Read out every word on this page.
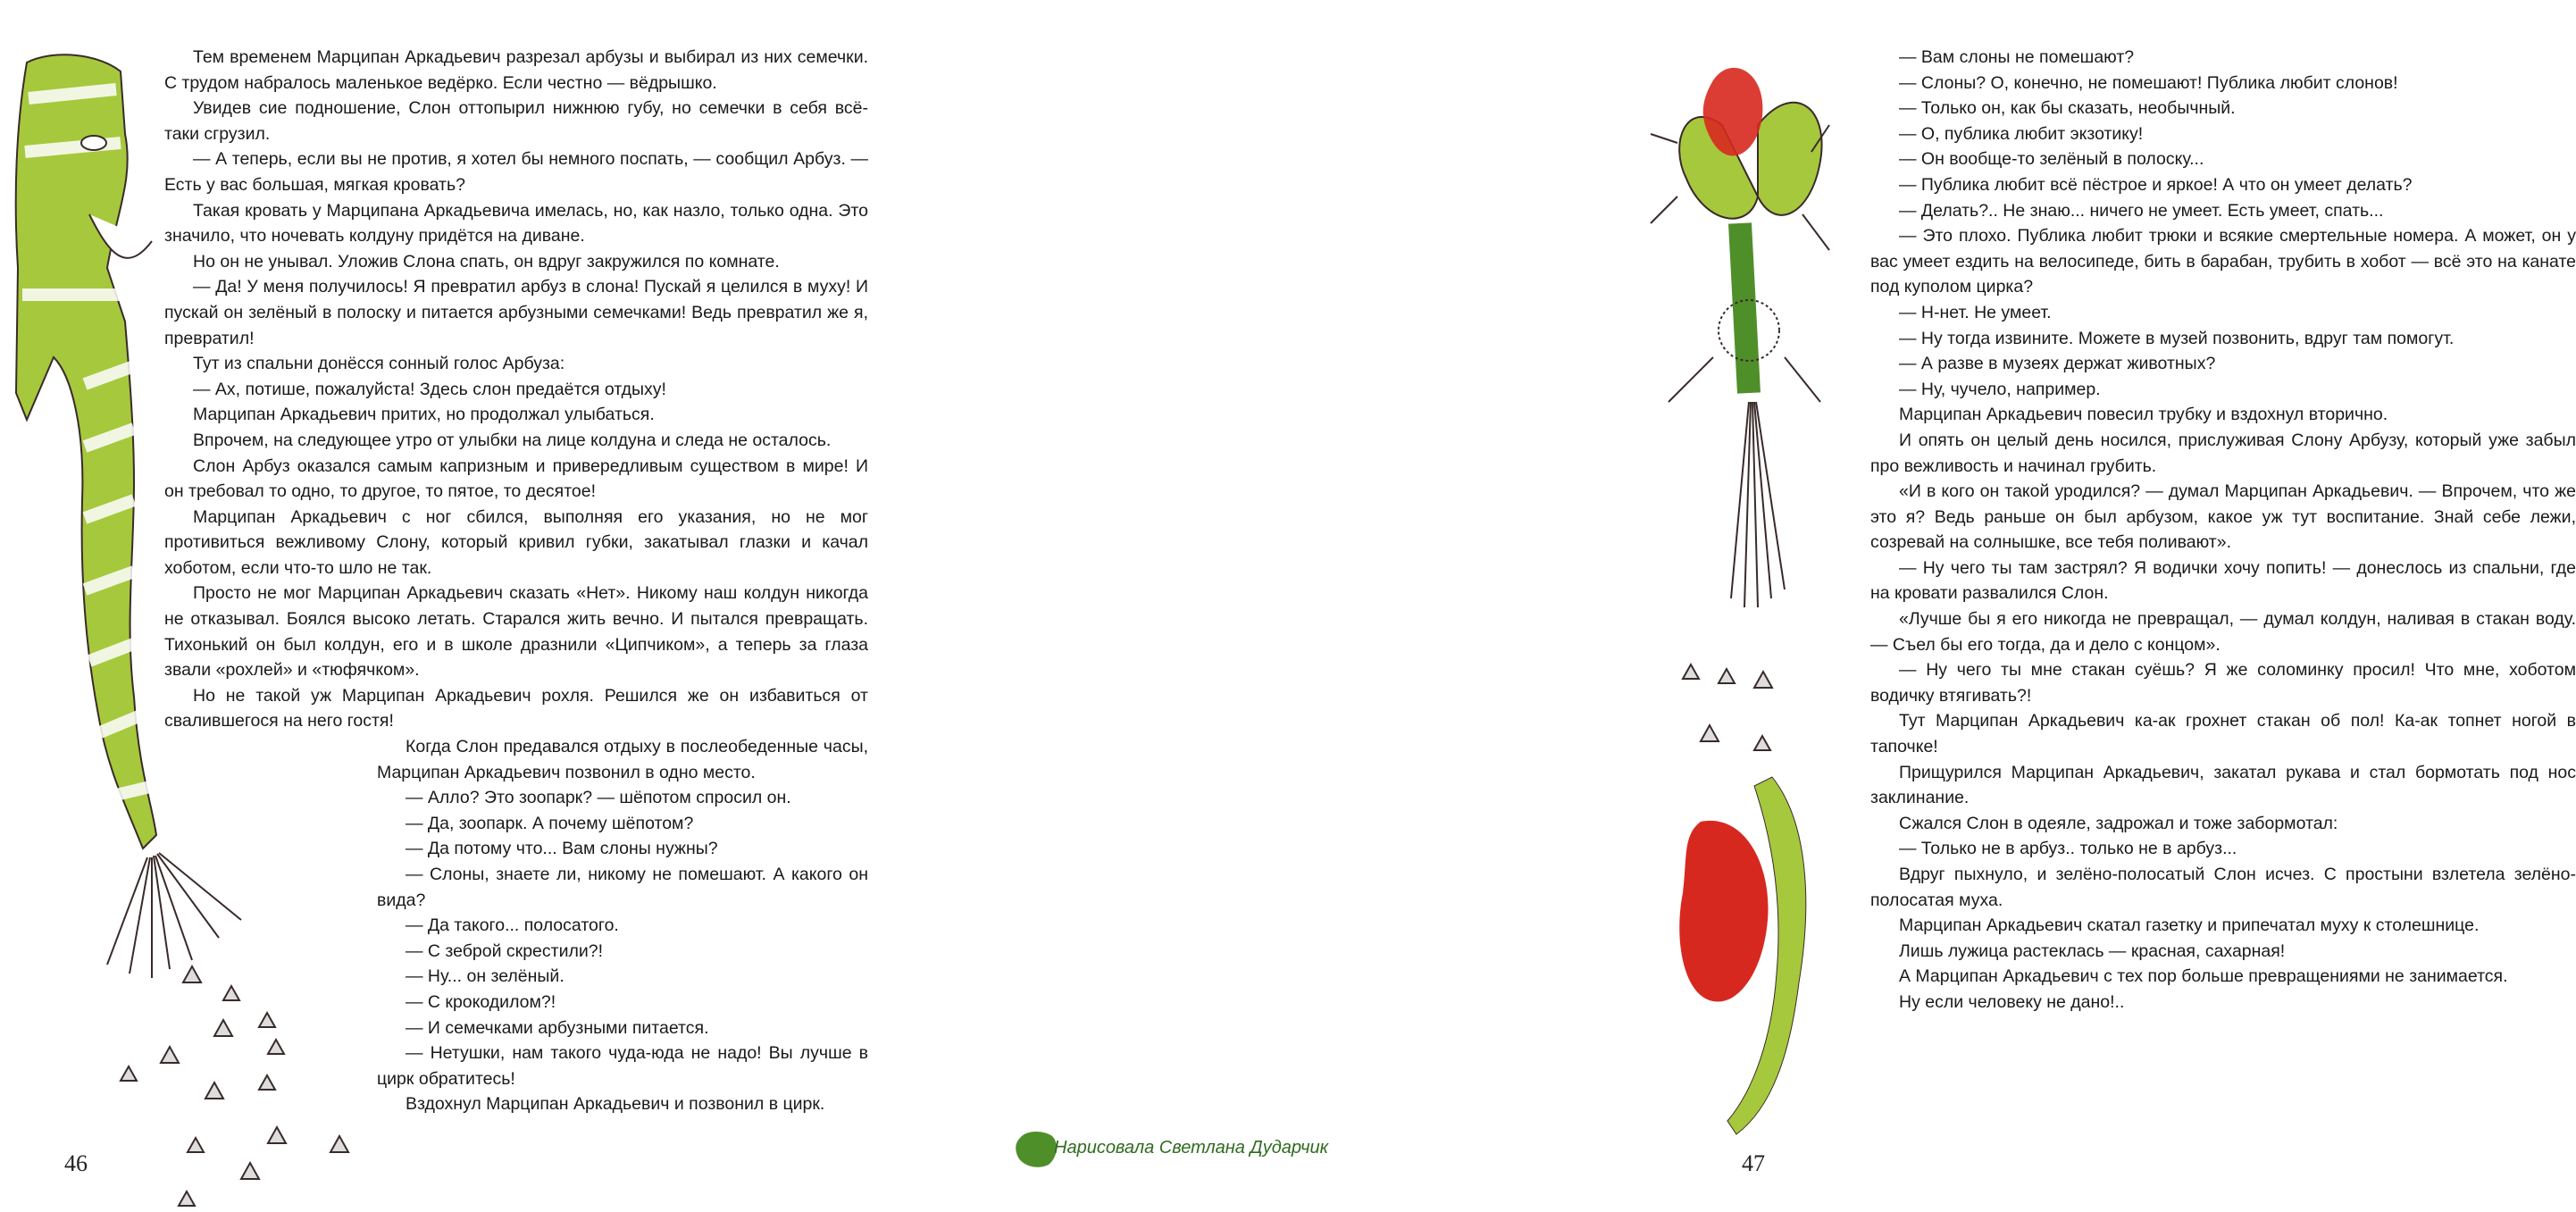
Тем временем Марципан Аркадьевич разрезал арбузы и выбирал из них семечки. С трудом набралось маленькое ведёрко. Если честно — вёдрышко.

Увидев сие подношение, Слон оттопырил нижнюю губу, но семечки в себя всё-таки сгрузил.

— А теперь, если вы не против, я хотел бы немного поспать, — сообщил Арбуз. — Есть у вас большая, мягкая кровать?

Такая кровать у Марципана Аркадьевича имелась, но, как назло, только одна. Это значило, что ночевать колдуну придётся на диване.

Но он не унывал. Уложив Слона спать, он вдруг закружился по комнате.

— Да! У меня получилось! Я превратил арбуз в слона! Пускай я целился в муху! И пускай он зелёный в полоску и питается арбузными семечками! Ведь превратил же я, превратил!

Тут из спальни донёсся сонный голос Арбуза:

— Ах, потише, пожалуйста! Здесь слон предаётся отдыху!

Марципан Аркадьевич притих, но продолжал улыбаться.

Впрочем, на следующее утро от улыбки на лице колдуна и следа не осталось.

Слон Арбуз оказался самым капризным и привередливым существом в мире! И он требовал то одно, то другое, то пятое, то десятое!

Марципан Аркадьевич с ног сбился, выполняя его указания, но не мог противиться вежливому Слону, который кривил губки, закатывал глазки и качал хоботом, если что-то шло не так.

Просто не мог Марципан Аркадьевич сказать «Нет». Никому наш колдун никогда не отказывал. Боялся высоко летать. Старался жить вечно. И пытался превращать. Тихонький он был колдун, его и в школе дразнили «Ципчиком», а теперь за глаза звали «рохлей» и «тюфячком».

Но не такой уж Марципан Аркадьевич рохля. Решился же он избавиться от свалившегося на него гостя!

Когда Слон предавался отдыху в послеобеденные часы, Марципан Аркадьевич позвонил в одно место.

— Алло? Это зоопарк? — шёпотом спросил он.

— Да, зоопарк. А почему шёпотом?

— Да потому что... Вам слоны нужны?

— Слоны, знаете ли, никому не помешают. А какого он вида?

— Да такого... полосатого.

— С зеброй скрестили?!

— Ну... он зелёный.

— С крокодилом?!

— И семечками арбузными питается.

— Нетушки, нам такого чуда-юда не надо! Вы лучше в цирк обратитесь!

Вздохнул Марципан Аркадьевич и позвонил в цирк.

46

— Вам слоны не помешают?

— Слоны? О, конечно, не помешают! Публика любит слонов!

— Только он, как бы сказать, необычный.

— О, публика любит экзотику!

— Он вообще-то зелёный в полоску...

— Публика любит всё пёстрое и яркое! А что он умеет делать?

— Делать?.. Не знаю... ничего не умеет. Есть умеет, спать...

— Это плохо. Публика любит трюки и всякие смертельные номера. А может, он у вас умеет ездить на велосипеде, бить в барабан, трубить в хобот — всё это на канате под куполом цирка?

— Н-нет. Не умеет.

— Ну тогда извините. Можете в музей позвонить, вдруг там помогут.

— А разве в музеях держат животных?

— Ну, чучело, например.

Марципан Аркадьевич повесил трубку и вздохнул вторично.

И опять он целый день носился, прислуживая Слону Арбузу, который уже забыл про вежливость и начинал грубить.

«И в кого он такой уродился? — думал Марципан Аркадьевич. — Впрочем, что же это я? Ведь раньше он был арбузом, какое уж тут воспитание. Знай себе лежи, созревай на солнышке, все тебя поливают».

— Ну чего ты там застрял? Я водички хочу попить! — донеслось из спальни, где на кровати развалился Слон.

«Лучше бы я его никогда не превращал, — думал колдун, наливая в стакан воду. — Съел бы его тогда, да и дело с концом».

— Ну чего ты мне стакан суёшь? Я же соломинку просил! Что мне, хоботом водичку втягивать?!

Тут Марципан Аркадьевич ка-ак грохнет стакан об пол! Ка-ак топнет ногой в тапочке!

Прищурился Марципан Аркадьевич, закатал рукава и стал бормотать под нос заклинание.

Сжался Слон в одеяле, задрожал и тоже забормотал:

— Только не в арбуз.. только не в арбуз...

Вдруг пыхнуло, и зелёно-полосатый Слон исчез. С простыни взлетела зелёно-полосатая муха.

Марципан Аркадьевич скатал газетку и припечатал муху к столешнице.

Лишь лужица растеклась — красная, сахарная!

А Марципан Аркадьевич с тех пор больше превращениями не занимается.

Ну если человеку не дано!..

Нарисовала Светлана Дударчик
47
